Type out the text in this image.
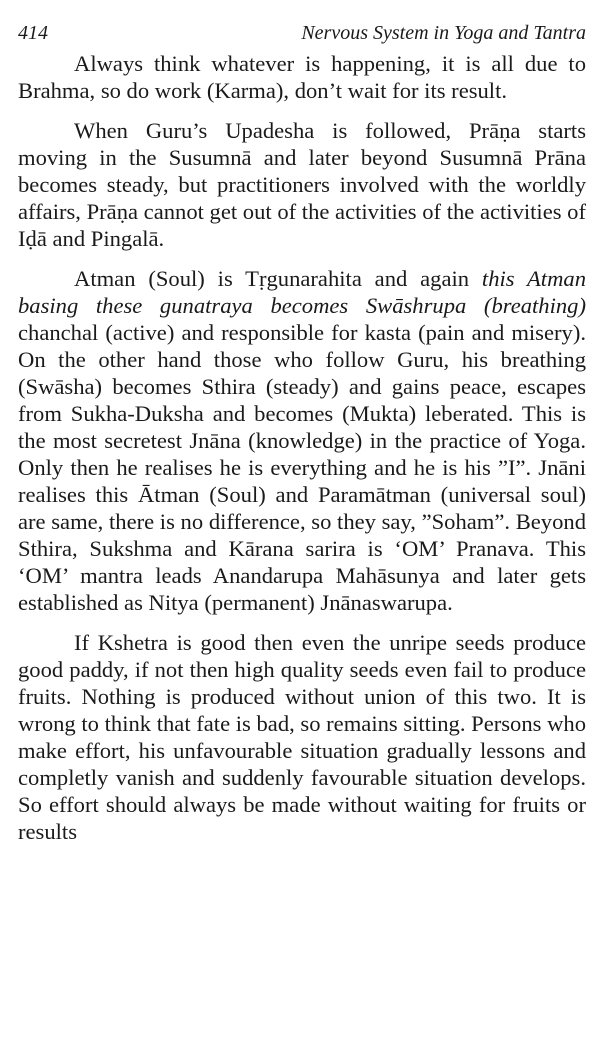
414	Nervous System in Yoga and Tantra

Always think whatever is happening, it is all due to Brahma, so do work (Karma), don’t wait for its result.

When Guru’s Upadesha is followed, Prāṇa starts moving in the Susumnā and later beyond Susumnā Prāna becomes steady, but practitioners involved with the worldly affairs, Prāṇa cannot get out of the activities of the activities of Iḍā and Pingalā.

Atman (Soul) is Tṛgunarahita and again this Atman basing these gunatraya becomes Swāshrupa (breathing) chanchal (active) and responsible for kasta (pain and misery). On the other hand those who follow Guru, his breathing (Swāsha) becomes Sthira (steady) and gains peace, escapes from Sukha-Duksha and becomes (Mukta) leberated. This is the most secretest Jnāna (knowledge) in the practice of Yoga. Only then he realises he is everything and he is his ”I”. Jnāni realises this Ātman (Soul) and Paramātman (universal soul) are same, there is no difference, so they say, ”Soham”. Beyond Sthira, Sukshma and Kārana sarira is ‘OM’ Pranava. This ‘OM’ mantra leads Anandarupa Mahāsunya and later gets established as Nitya (permanent) Jnānaswarupa.

If Kshetra is good then even the unripe seeds produce good paddy, if not then high quality seeds even fail to produce fruits. Nothing is produced without union of this two. It is wrong to think that fate is bad, so remains sitting. Persons who make effort, his unfavourable situation gradually lessons and completly vanish and suddenly favourable situation develops. So effort should always be made without waiting for fruits or results
